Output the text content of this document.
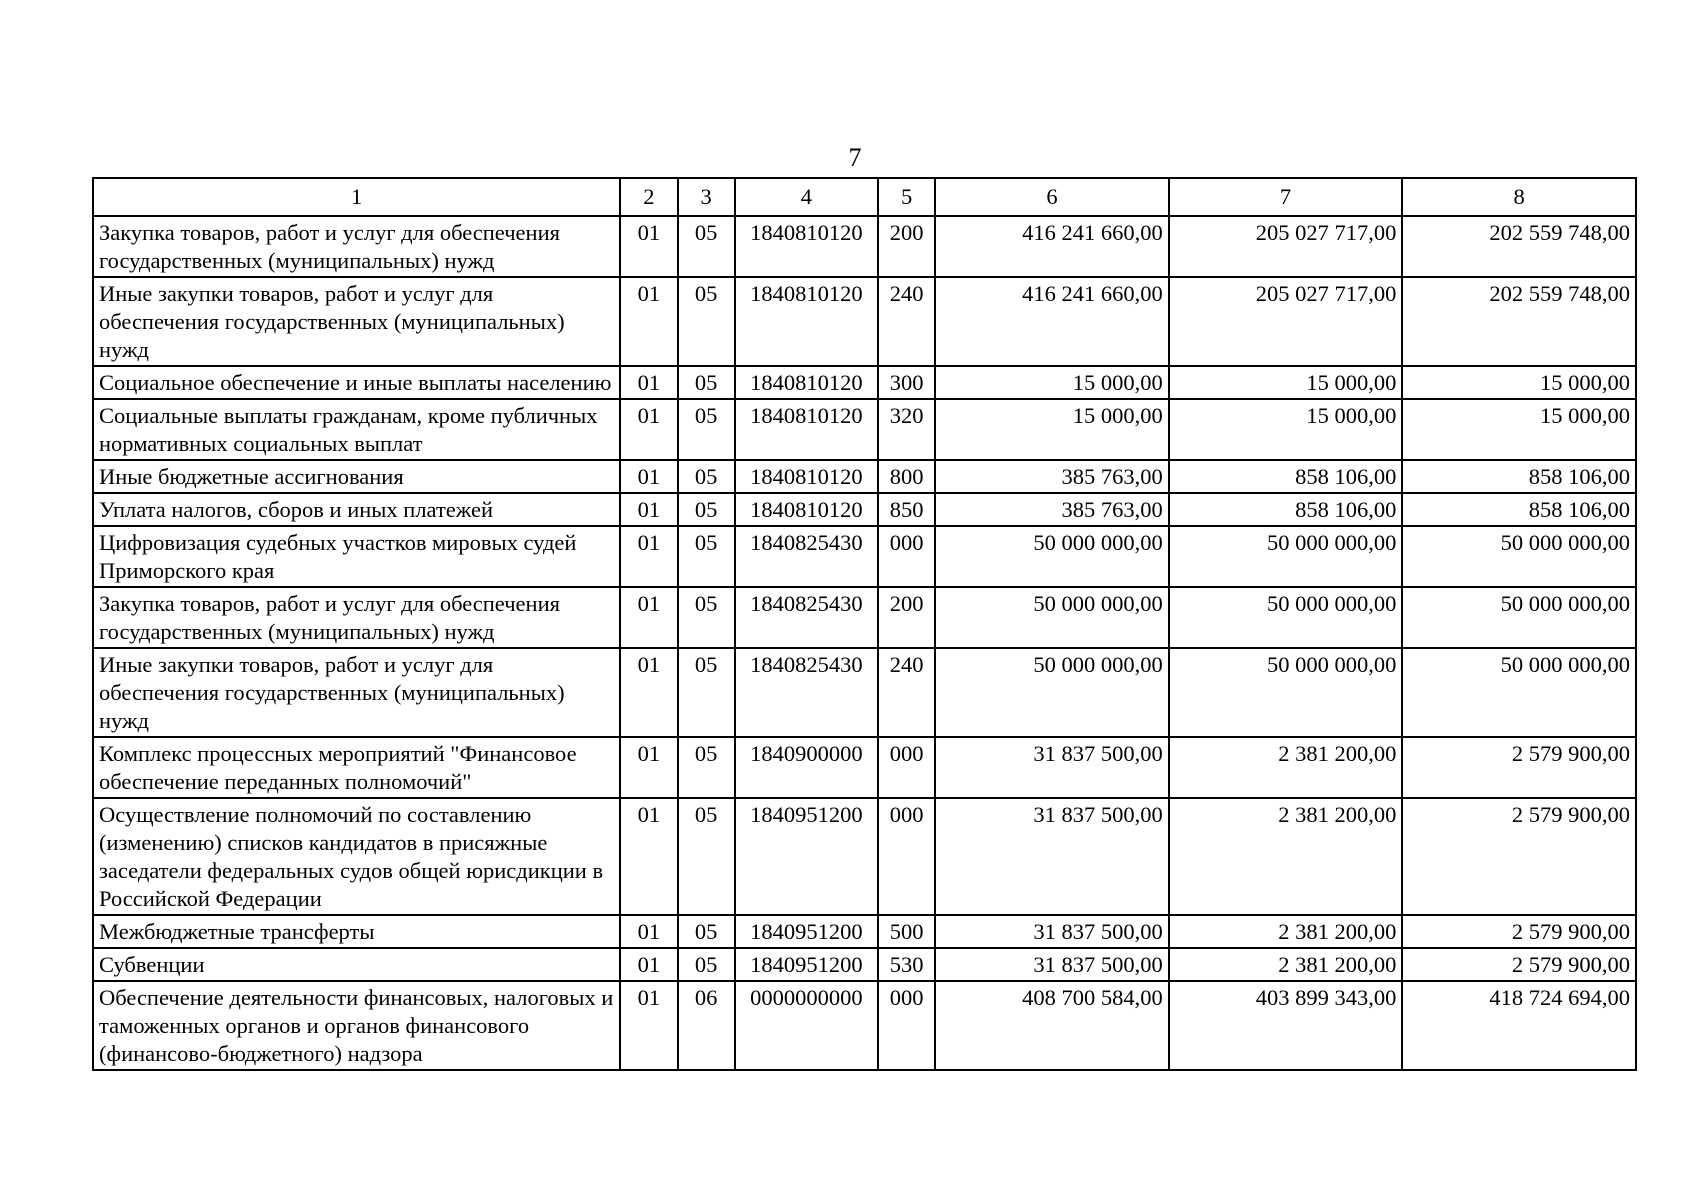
7
1	2	3	4	5	6	7	8
Закупка товаров, работ и услуг для обеспечения государственных (муниципальных) нужд	01	05	1840810120	200	416 241 660,00	205 027 717,00	202 559 748,00
Иные закупки товаров, работ и услуг для обеспечения государственных (муниципальных) нужд	01	05	1840810120	240	416 241 660,00	205 027 717,00	202 559 748,00
Социальное обеспечение и иные выплаты населению	01	05	1840810120	300	15 000,00	15 000,00	15 000,00
Социальные выплаты гражданам, кроме публичных нормативных социальных выплат	01	05	1840810120	320	15 000,00	15 000,00	15 000,00
Иные бюджетные ассигнования	01	05	1840810120	800	385 763,00	858 106,00	858 106,00
Уплата налогов, сборов и иных платежей	01	05	1840810120	850	385 763,00	858 106,00	858 106,00
Цифровизация судебных участков мировых судей Приморского края	01	05	1840825430	000	50 000 000,00	50 000 000,00	50 000 000,00
Закупка товаров, работ и услуг для обеспечения государственных (муниципальных) нужд	01	05	1840825430	200	50 000 000,00	50 000 000,00	50 000 000,00
Иные закупки товаров, работ и услуг для обеспечения государственных (муниципальных) нужд	01	05	1840825430	240	50 000 000,00	50 000 000,00	50 000 000,00
Комплекс процессных мероприятий "Финансовое обеспечение переданных полномочий"	01	05	1840900000	000	31 837 500,00	2 381 200,00	2 579 900,00
Осуществление полномочий по составлению (изменению) списков кандидатов в присяжные заседатели федеральных судов общей юрисдикции в Российской Федерации	01	05	1840951200	000	31 837 500,00	2 381 200,00	2 579 900,00
Межбюджетные трансферты	01	05	1840951200	500	31 837 500,00	2 381 200,00	2 579 900,00
Субвенции	01	05	1840951200	530	31 837 500,00	2 381 200,00	2 579 900,00
Обеспечение деятельности финансовых, налоговых и таможенных органов и органов финансового (финансово-бюджетного) надзора	01	06	0000000000	000	408 700 584,00	403 899 343,00	418 724 694,00
